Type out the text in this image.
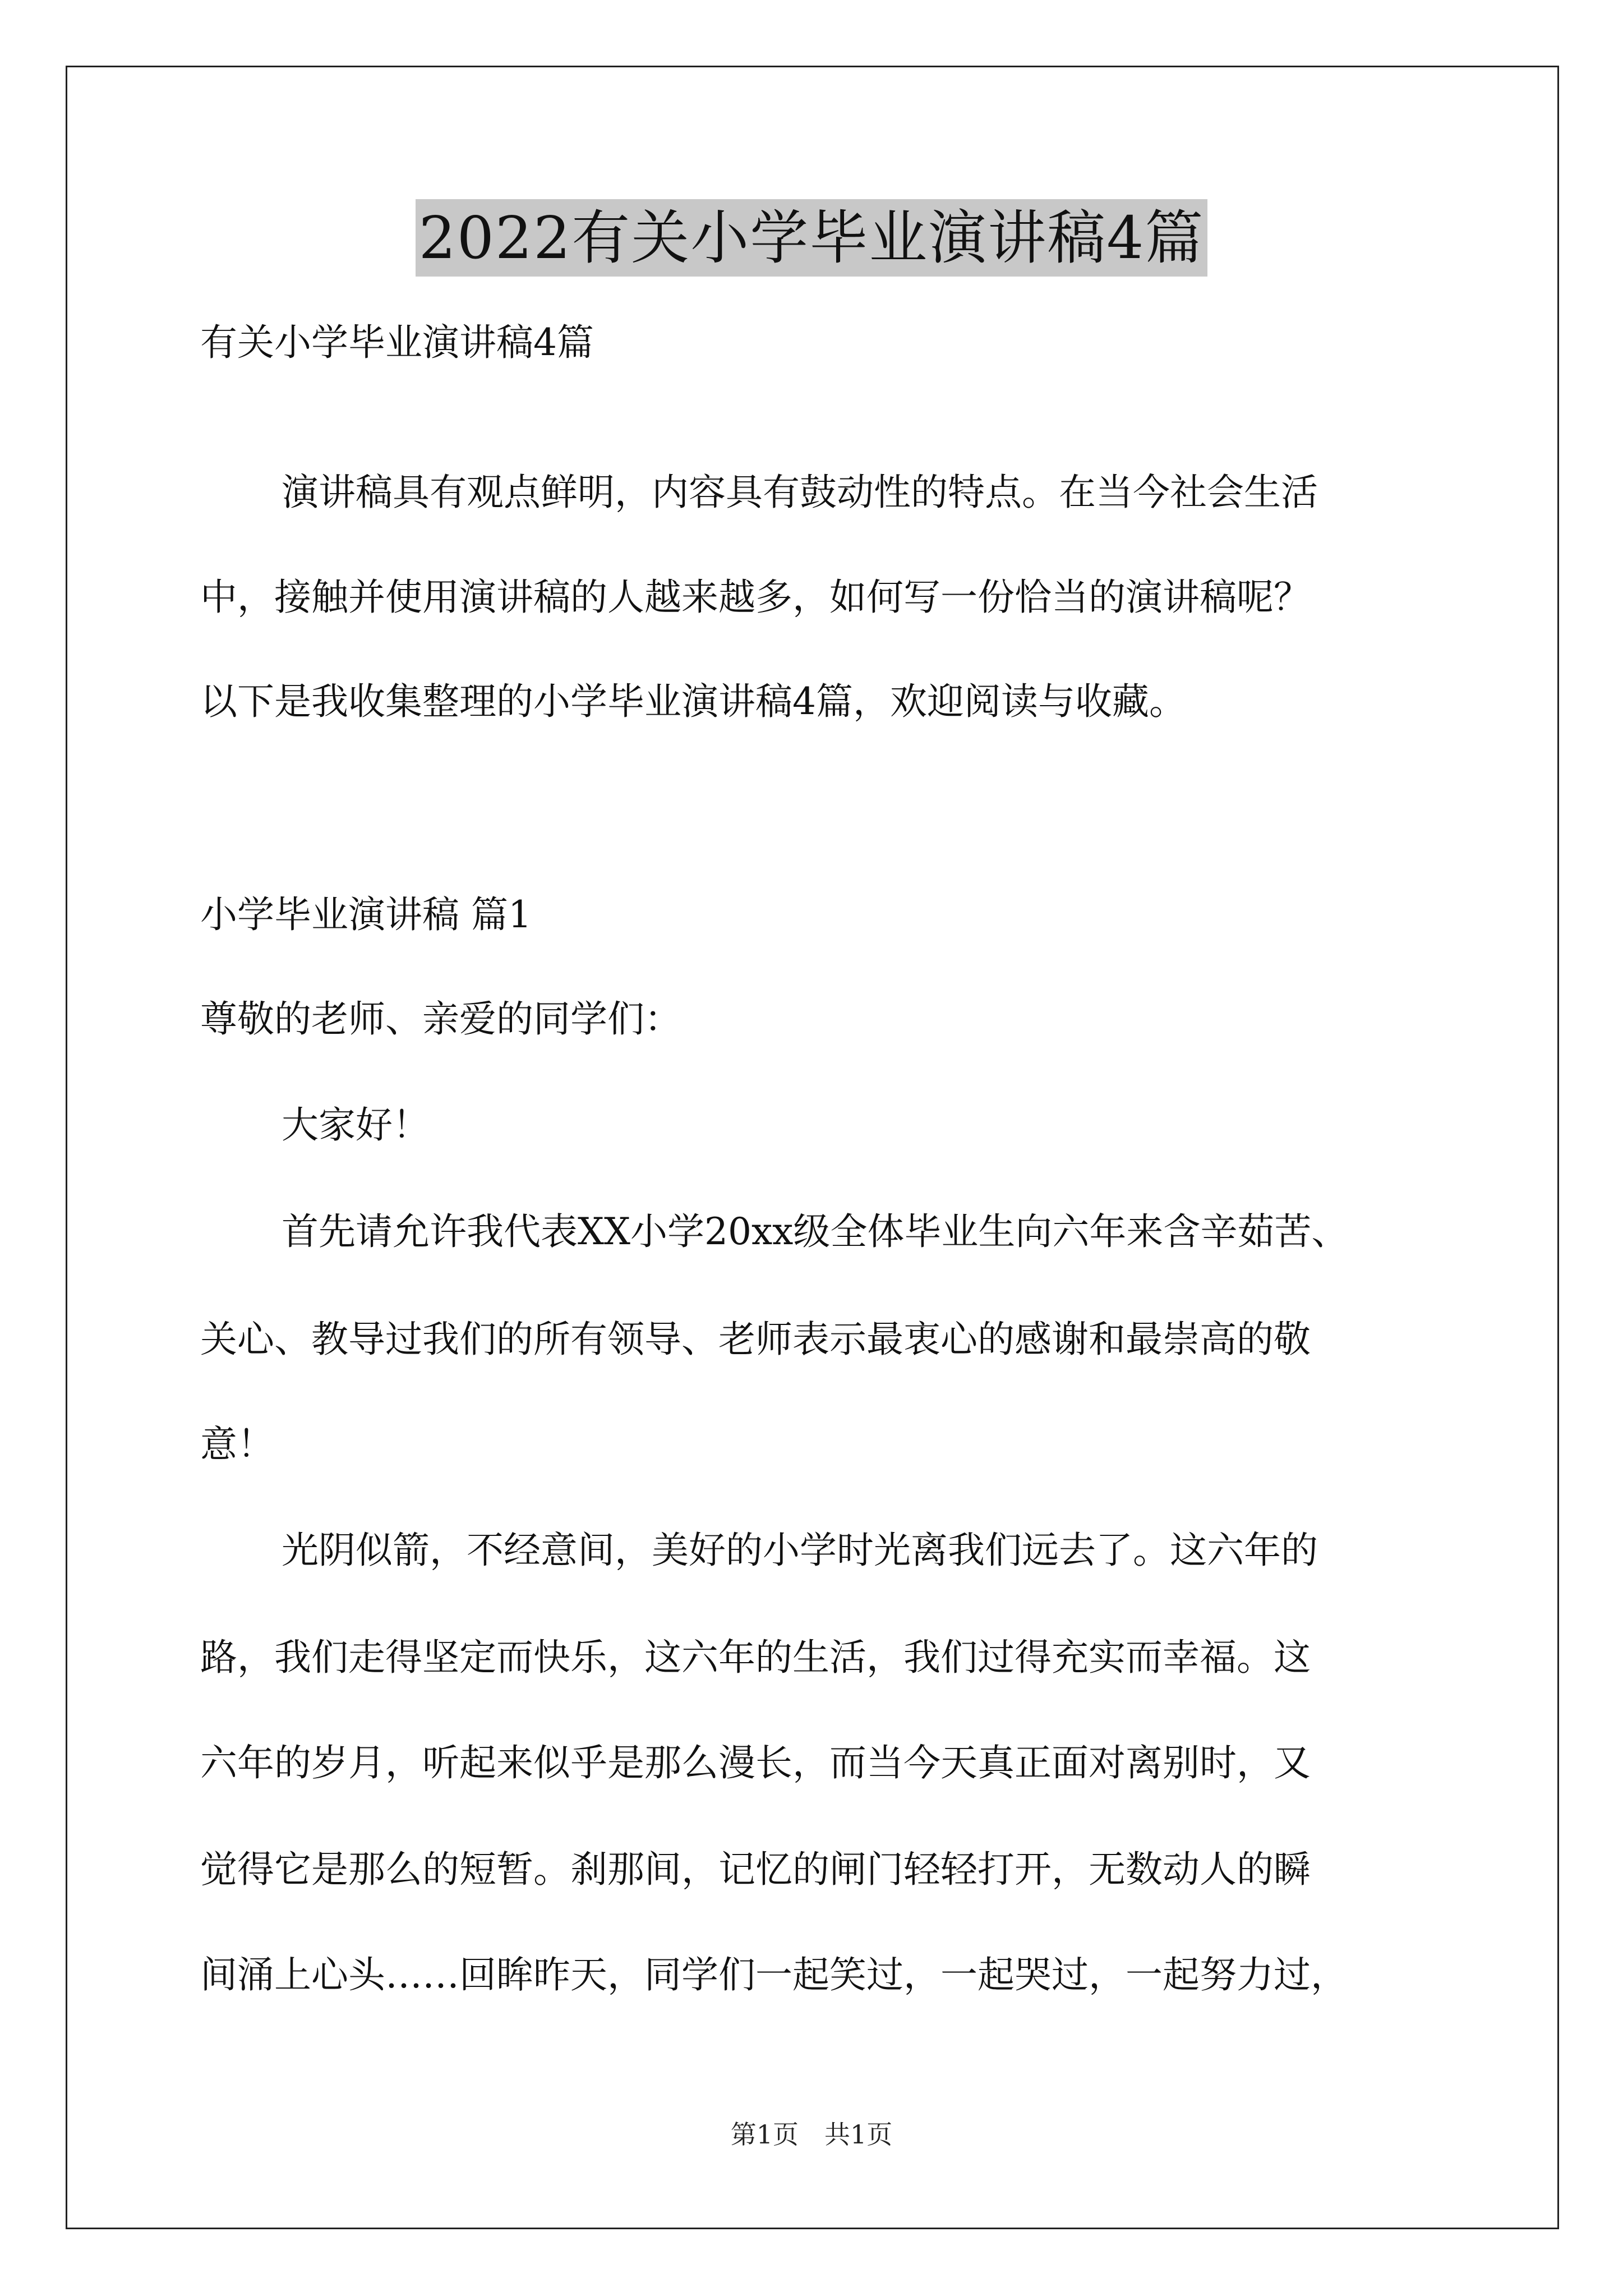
2022有关小学毕业演讲稿4篇
有关小学毕业演讲稿4篇
演讲稿具有观点鲜明，内容具有鼓动性的特点。在当今社会生活
中，接触并使用演讲稿的人越来越多，如何写一份恰当的演讲稿呢？
以下是我收集整理的小学毕业演讲稿4篇，欢迎阅读与收藏。
小学毕业演讲稿 篇1
尊敬的老师、亲爱的同学们：
大家好！
首先请允许我代表XX小学20xx级全体毕业生向六年来含辛茹苦、
关心、教导过我们的所有领导、老师表示最衷心的感谢和最崇高的敬
意！
光阴似箭，不经意间，美好的小学时光离我们远去了。这六年的
路，我们走得坚定而快乐，这六年的生活，我们过得充实而幸福。这
六年的岁月，听起来似乎是那么漫长，而当今天真正面对离别时，又
觉得它是那么的短暂。刹那间，记忆的闸门轻轻打开，无数动人的瞬
间涌上心头……回眸昨天，同学们一起笑过，一起哭过，一起努力过，
第1页　共1页
